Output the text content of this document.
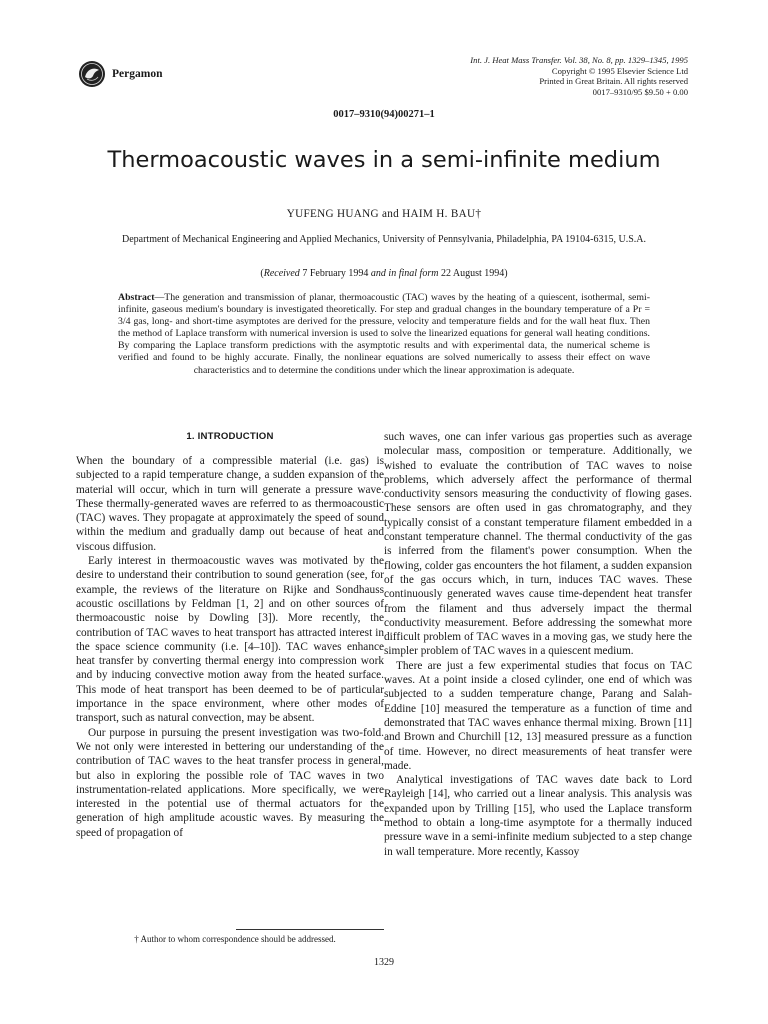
Pergamon
Int. J. Heat Mass Transfer. Vol. 38, No. 8, pp. 1329–1345, 1995
Copyright © 1995 Elsevier Science Ltd
Printed in Great Britain. All rights reserved
0017–9310/95 $9.50 + 0.00
0017–9310(94)00271–1
Thermoacoustic waves in a semi-infinite medium
YUFENG HUANG and HAIM H. BAU†
Department of Mechanical Engineering and Applied Mechanics, University of Pennsylvania, Philadelphia, PA 19104-6315, U.S.A.
(Received 7 February 1994 and in final form 22 August 1994)
Abstract—The generation and transmission of planar, thermoacoustic (TAC) waves by the heating of a quiescent, isothermal, semi-infinite, gaseous medium's boundary is investigated theoretically. For step and gradual changes in the boundary temperature of a Pr = 3/4 gas, long- and short-time asymptotes are derived for the pressure, velocity and temperature fields and for the wall heat flux. Then the method of Laplace transform with numerical inversion is used to solve the linearized equations for general wall heating conditions. By comparing the Laplace transform predictions with the asymptotic results and with experimental data, the numerical scheme is verified and found to be highly accurate. Finally, the nonlinear equations are solved numerically to assess their effect on wave characteristics and to determine the conditions under which the linear approximation is adequate.
1. INTRODUCTION

When the boundary of a compressible material (i.e. gas) is subjected to a rapid temperature change, a sudden expansion of the material will occur, which in turn will generate a pressure wave. These thermally-generated waves are referred to as thermoacoustic (TAC) waves. They propagate at approximately the speed of sound within the medium and gradually damp out because of heat and viscous diffusion.

Early interest in thermoacoustic waves was motivated by the desire to understand their contribution to sound generation (see, for example, the reviews of the literature on Rijke and Sondhauss acoustic oscillations by Feldman [1, 2] and on other sources of thermoacoustic noise by Dowling [3]). More recently, the contribution of TAC waves to heat transport has attracted interest in the space science community (i.e. [4–10]). TAC waves enhance heat transfer by converting thermal energy into compression work and by inducing convective motion away from the heated surface. This mode of heat transport has been deemed to be of particular importance in the space environment, where other modes of transport, such as natural convection, may be absent.

Our purpose in pursuing the present investigation was two-fold. We not only were interested in bettering our understanding of the contribution of TAC waves to the heat transfer process in general, but also in exploring the possible role of TAC waves in two instrumentation-related applications. More specifically, we were interested in the potential use of thermal actuators for the generation of high amplitude acoustic waves. By measuring the speed of propagation of

such waves, one can infer various gas properties such as average molecular mass, composition or temperature. Additionally, we wished to evaluate the contribution of TAC waves to noise problems, which adversely affect the performance of thermal conductivity sensors measuring the conductivity of flowing gases. These sensors are often used in gas chromatography, and they typically consist of a constant temperature filament embedded in a constant temperature channel. The thermal conductivity of the gas is inferred from the filament's power consumption. When the flowing, colder gas encounters the hot filament, a sudden expansion of the gas occurs which, in turn, induces TAC waves. These continuously generated waves cause time-dependent heat transfer from the filament and thus adversely impact the thermal conductivity measurement. Before addressing the somewhat more difficult problem of TAC waves in a moving gas, we study here the simpler problem of TAC waves in a quiescent medium.

There are just a few experimental studies that focus on TAC waves. At a point inside a closed cylinder, one end of which was subjected to a sudden temperature change, Parang and Salah-Eddine [10] measured the temperature as a function of time and demonstrated that TAC waves enhance thermal mixing. Brown [11] and Brown and Churchill [12, 13] measured pressure as a function of time. However, no direct measurements of heat transfer were made.

Analytical investigations of TAC waves date back to Lord Rayleigh [14], who carried out a linear analysis. This analysis was expanded upon by Trilling [15], who used the Laplace transform method to obtain a long-time asymptote for a thermally induced pressure wave in a semi-infinite medium subjected to a step change in wall temperature. More recently, Kassoy

† Author to whom correspondence should be addressed.
1329
